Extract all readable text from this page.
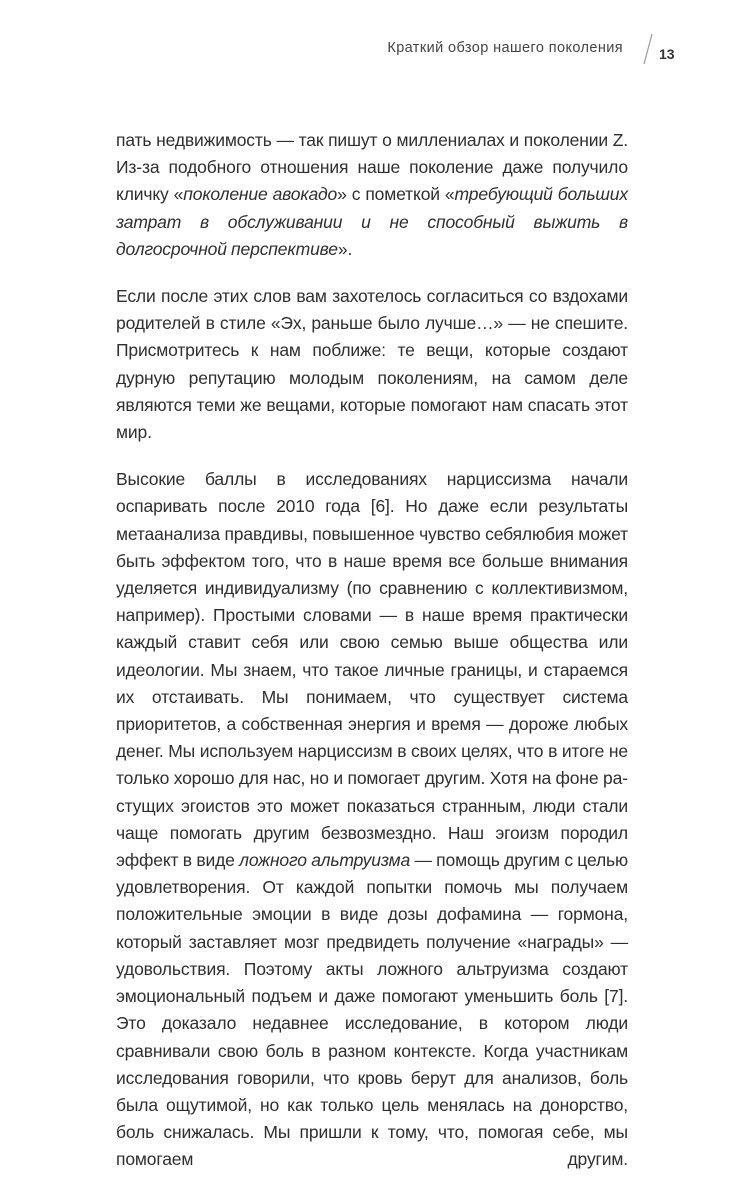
Краткий обзор нашего поколения	13

пать недвижимость — так пишут о миллениалах и поколении Z. Из-за подобного отношения наше поколение даже получило кличку «поколение авокадо» с пометкой «требующий больших затрат в обслуживании и не способный выжить в долгосрочной перспективе».

Если после этих слов вам захотелось согласиться со вздохами родителей в стиле «Эх, раньше было лучше…» — не спешите. Присмотритесь к нам поближе: те вещи, которые создают дурную репутацию молодым поколениям, на самом деле являются теми же вещами, которые помогают нам спасать этот мир.

Высокие баллы в исследованиях нарциссизма начали оспаривать после 2010 года [6]. Но даже если результаты метаанализа правдивы, повышенное чувство себялюбия может быть эффектом того, что в наше время все больше внимания уделяется индивидуализму (по сравнению с коллективизмом, например). Простыми словами — в наше время практически каждый ставит себя или свою семью выше общества или идеологии. Мы знаем, что такое личные границы, и стараемся их отстаивать. Мы понимаем, что существует система приоритетов, а собственная энергия и время — дороже любых денег. Мы используем нарциссизм в своих целях, что в итоге не только хорошо для нас, но и помогает другим. Хотя на фоне растущих эгоистов это может показаться странным, люди стали чаще помогать другим безвозмездно. Наш эгоизм породил эффект в виде ложного альтруизма — помощь другим с целью удовлетворения. От каждой попытки помочь мы получаем положительные эмоции в виде дозы дофамина — гормона, который заставляет мозг предвидеть получение «награды» — удовольствия. Поэтому акты ложного альтруизма создают эмоциональный подъем и даже помогают уменьшить боль [7]. Это доказало недавнее исследование, в котором люди сравнивали свою боль в разном контексте. Когда участникам исследования говорили, что кровь берут для анализов, боль была ощутимой, но как только цель менялась на донорство, боль снижалась. Мы пришли к тому, что, помогая себе, мы помогаем другим.
